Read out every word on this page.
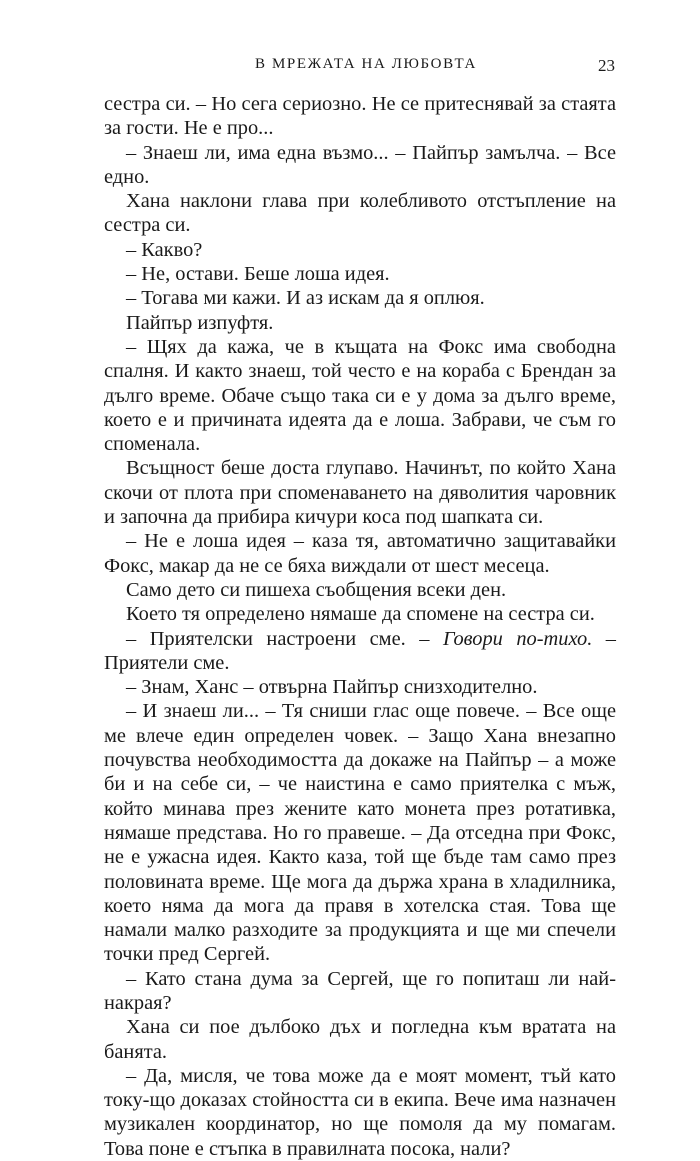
В МРЕЖАТА НА ЛЮБОВТА	23

сестра си. – Но сега сериозно. Не се притеснявай за стаята за гости. Не е про...

– Знаеш ли, има една възмо... – Пайпър замълча. – Все едно.

Хана наклони глава при колебливото отстъпление на сестра си.

– Какво?

– Не, остави. Беше лоша идея.

– Тогава ми кажи. И аз искам да я оплюя.

Пайпър изпуфтя.

– Щях да кажа, че в къщата на Фокс има свободна спалня. И както знаеш, той често е на кораба с Брендан за дълго време. Обаче също така си е у дома за дълго време, което е и причината идеята да е лоша. Забрави, че съм го споменала.

Всъщност беше доста глупаво. Начинът, по който Хана скочи от плота при споменаването на дяволития чаровник и започна да прибира кичури коса под шапката си.

– Не е лоша идея – каза тя, автоматично защитавайки Фокс, макар да не се бяха виждали от шест месеца.

Само дето си пишеха съобщения всеки ден.

Което тя определено нямаше да спомене на сестра си.

– Приятелски настроени сме. – Говори по-тихо. – Приятели сме.

– Знам, Ханс – отвърна Пайпър снизходително.

– И знаеш ли... – Тя сниши глас още повече. – Все още ме влече един определен човек. – Защо Хана внезапно почувства необходимостта да докаже на Пайпър – а може би и на себе си, – че наистина е само приятелка с мъж, който минава през жените като монета през ротативка, нямаше представа. Но го правеше. – Да отседна при Фокс, не е ужасна идея. Както каза, той ще бъде там само през половината време. Ще мога да държа храна в хладилника, което няма да мога да правя в хотелска стая. Това ще намали малко разходите за продукцията и ще ми спечели точки пред Сергей.

– Като стана дума за Сергей, ще го попиташ ли най-накрая?

Хана си пое дълбоко дъх и погледна към вратата на банята.

– Да, мисля, че това може да е моят момент, тъй като току-що доказах стойността си в екипа. Вече има назначен музикален координатор, но ще помоля да му помагам. Това поне е стъпка в правилната посока, нали?
